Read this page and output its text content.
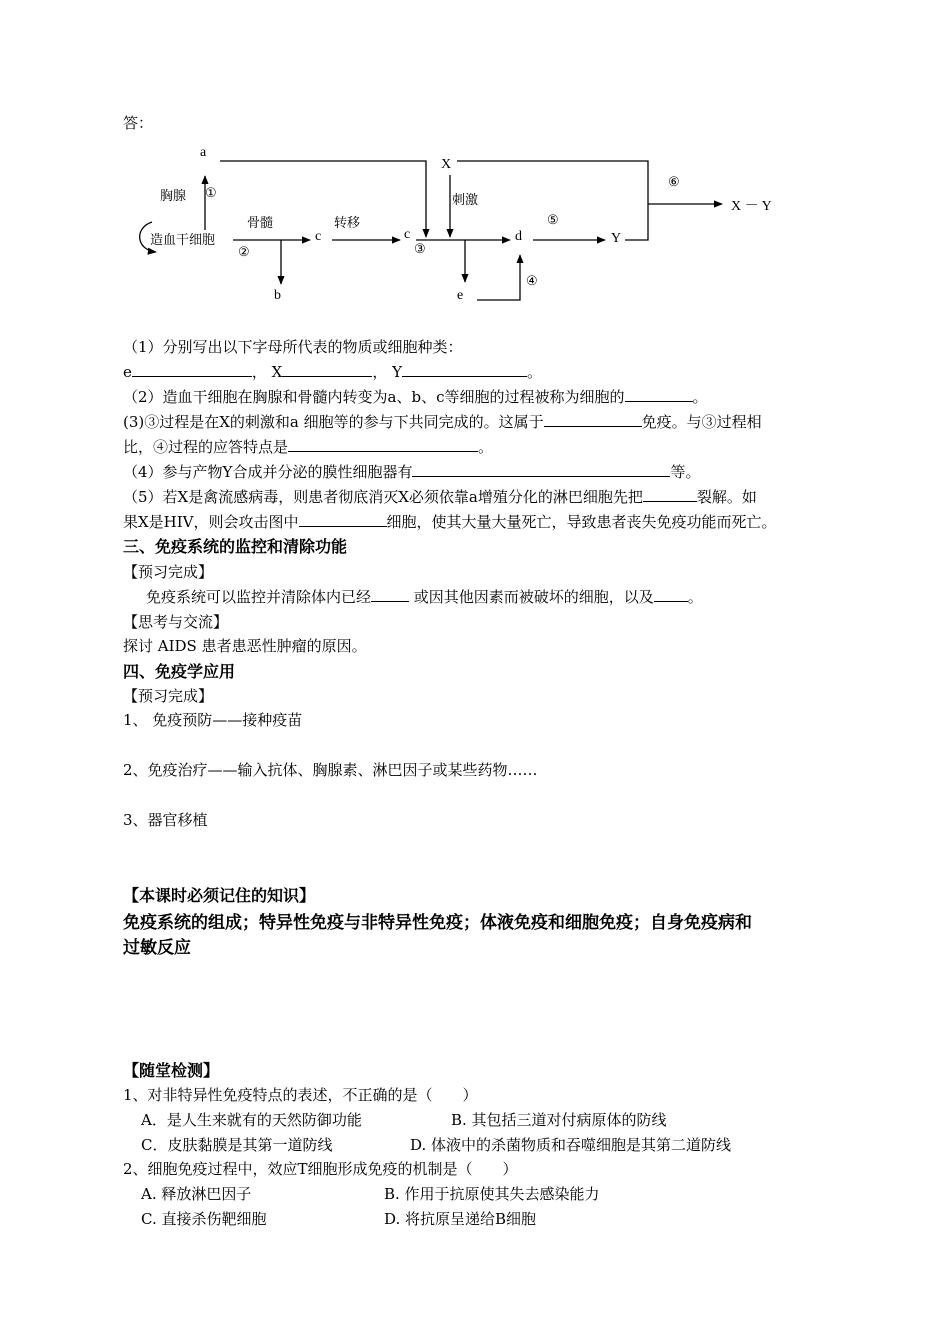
答：
a
胸腺 ①
造血干细胞
骨髓
②
c
b
转移
c
③
X
刺激
d
e
④
⑤
Y
⑥
X － Y
（1）分别写出以下字母所代表的物质或细胞种类：
e	， X	， Y	。
（2）造血干细胞在胸腺和骨髓内转变为a、b、c等细胞的过程被称为细胞的	。
(3)③过程是在X的刺激和a 细胞等的参与下共同完成的。这属于	免疫。与③过程相
比，④过程的应答特点是	。
（4）参与产物Y合成并分泌的膜性细胞器有	等。
（5）若X是禽流感病毒，则患者彻底消灭X必须依靠a增殖分化的淋巴细胞先把	裂解。如
果X是HIV，则会攻击图中	细胞，使其大量大量死亡，导致患者丧失免疫功能而死亡。
三、免疫系统的监控和清除功能
【预习完成】
免疫系统可以监控并清除体内已经	或因其他因素而被破坏的细胞，以及 。
【思考与交流】
探讨 AIDS 患者患恶性肿瘤的原因。
四、免疫学应用
【预习完成】
1、 免疫预防——接种疫苗
2、免疫治疗——输入抗体、胸腺素、淋巴因子或某些药物……
3、器官移植
【本课时必须记住的知识】
免疫系统的组成；特异性免疫与非特异性免疫；体液免疫和细胞免疫；自身免疫病和
过敏反应
【随堂检测】
1、对非特异性免疫特点的表述，不正确的是（　　）
A．是人生来就有的天然防御功能	B. 其包括三道对付病原体的防线
C．皮肤黏膜是其第一道防线	D. 体液中的杀菌物质和吞噬细胞是其第二道防线
2、细胞免疫过程中，效应T细胞形成免疫的机制是（　　）
A. 释放淋巴因子	B. 作用于抗原使其失去感染能力
C. 直接杀伤靶细胞	D. 将抗原呈递给B细胞
